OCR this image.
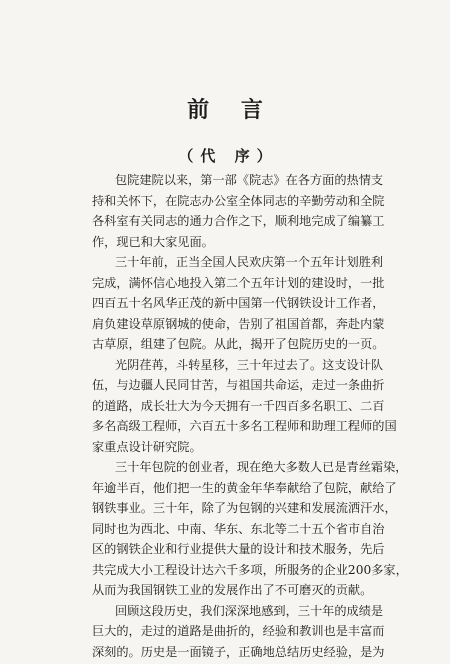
前 言
（代 序）
包院建院以来，第一部《院志》在各方面的热情支
持和关怀下，在院志办公室全体同志的辛勤劳动和全院
各科室有关同志的通力合作之下，顺利地完成了编纂工
作，现已和大家见面。
三十年前，正当全国人民欢庆第一个五年计划胜利
完成，满怀信心地投入第二个五年计划的建设时，一批
四百五十名风华正茂的新中国第一代钢铁设计工作者，
肩负建设草原钢城的使命，告别了祖国首都，奔赴内蒙
古草原，组建了包院。从此，揭开了包院历史的一页。
光阴荏苒，斗转星移，三十年过去了。这支设计队
伍，与边疆人民同甘苦，与祖国共命运，走过一条曲折
的道路，成长壮大为今天拥有一千四百多名职工、二百
多名高级工程师，六百五十多名工程师和助理工程师的国
家重点设计研究院。
三十年包院的创业者，现在绝大多数人已是青丝霜染，
年逾半百，他们把一生的黄金年华奉献给了包院，献给了
钢铁事业。三十年，除了为包钢的兴建和发展流洒汗水，
同时也为西北、中南、华东、东北等二十五个省市自治
区的钢铁企业和行业提供大量的设计和技术服务，先后
共完成大小工程设计达六千多项，所服务的企业200多家，
从而为我国钢铁工业的发展作出了不可磨灭的贡献。
回顾这段历史，我们深深地感到，三十年的成绩是
巨大的，走过的道路是曲折的，经验和教训也是丰富而
深刻的。历史是一面镜子，正确地总结历史经验，是为
